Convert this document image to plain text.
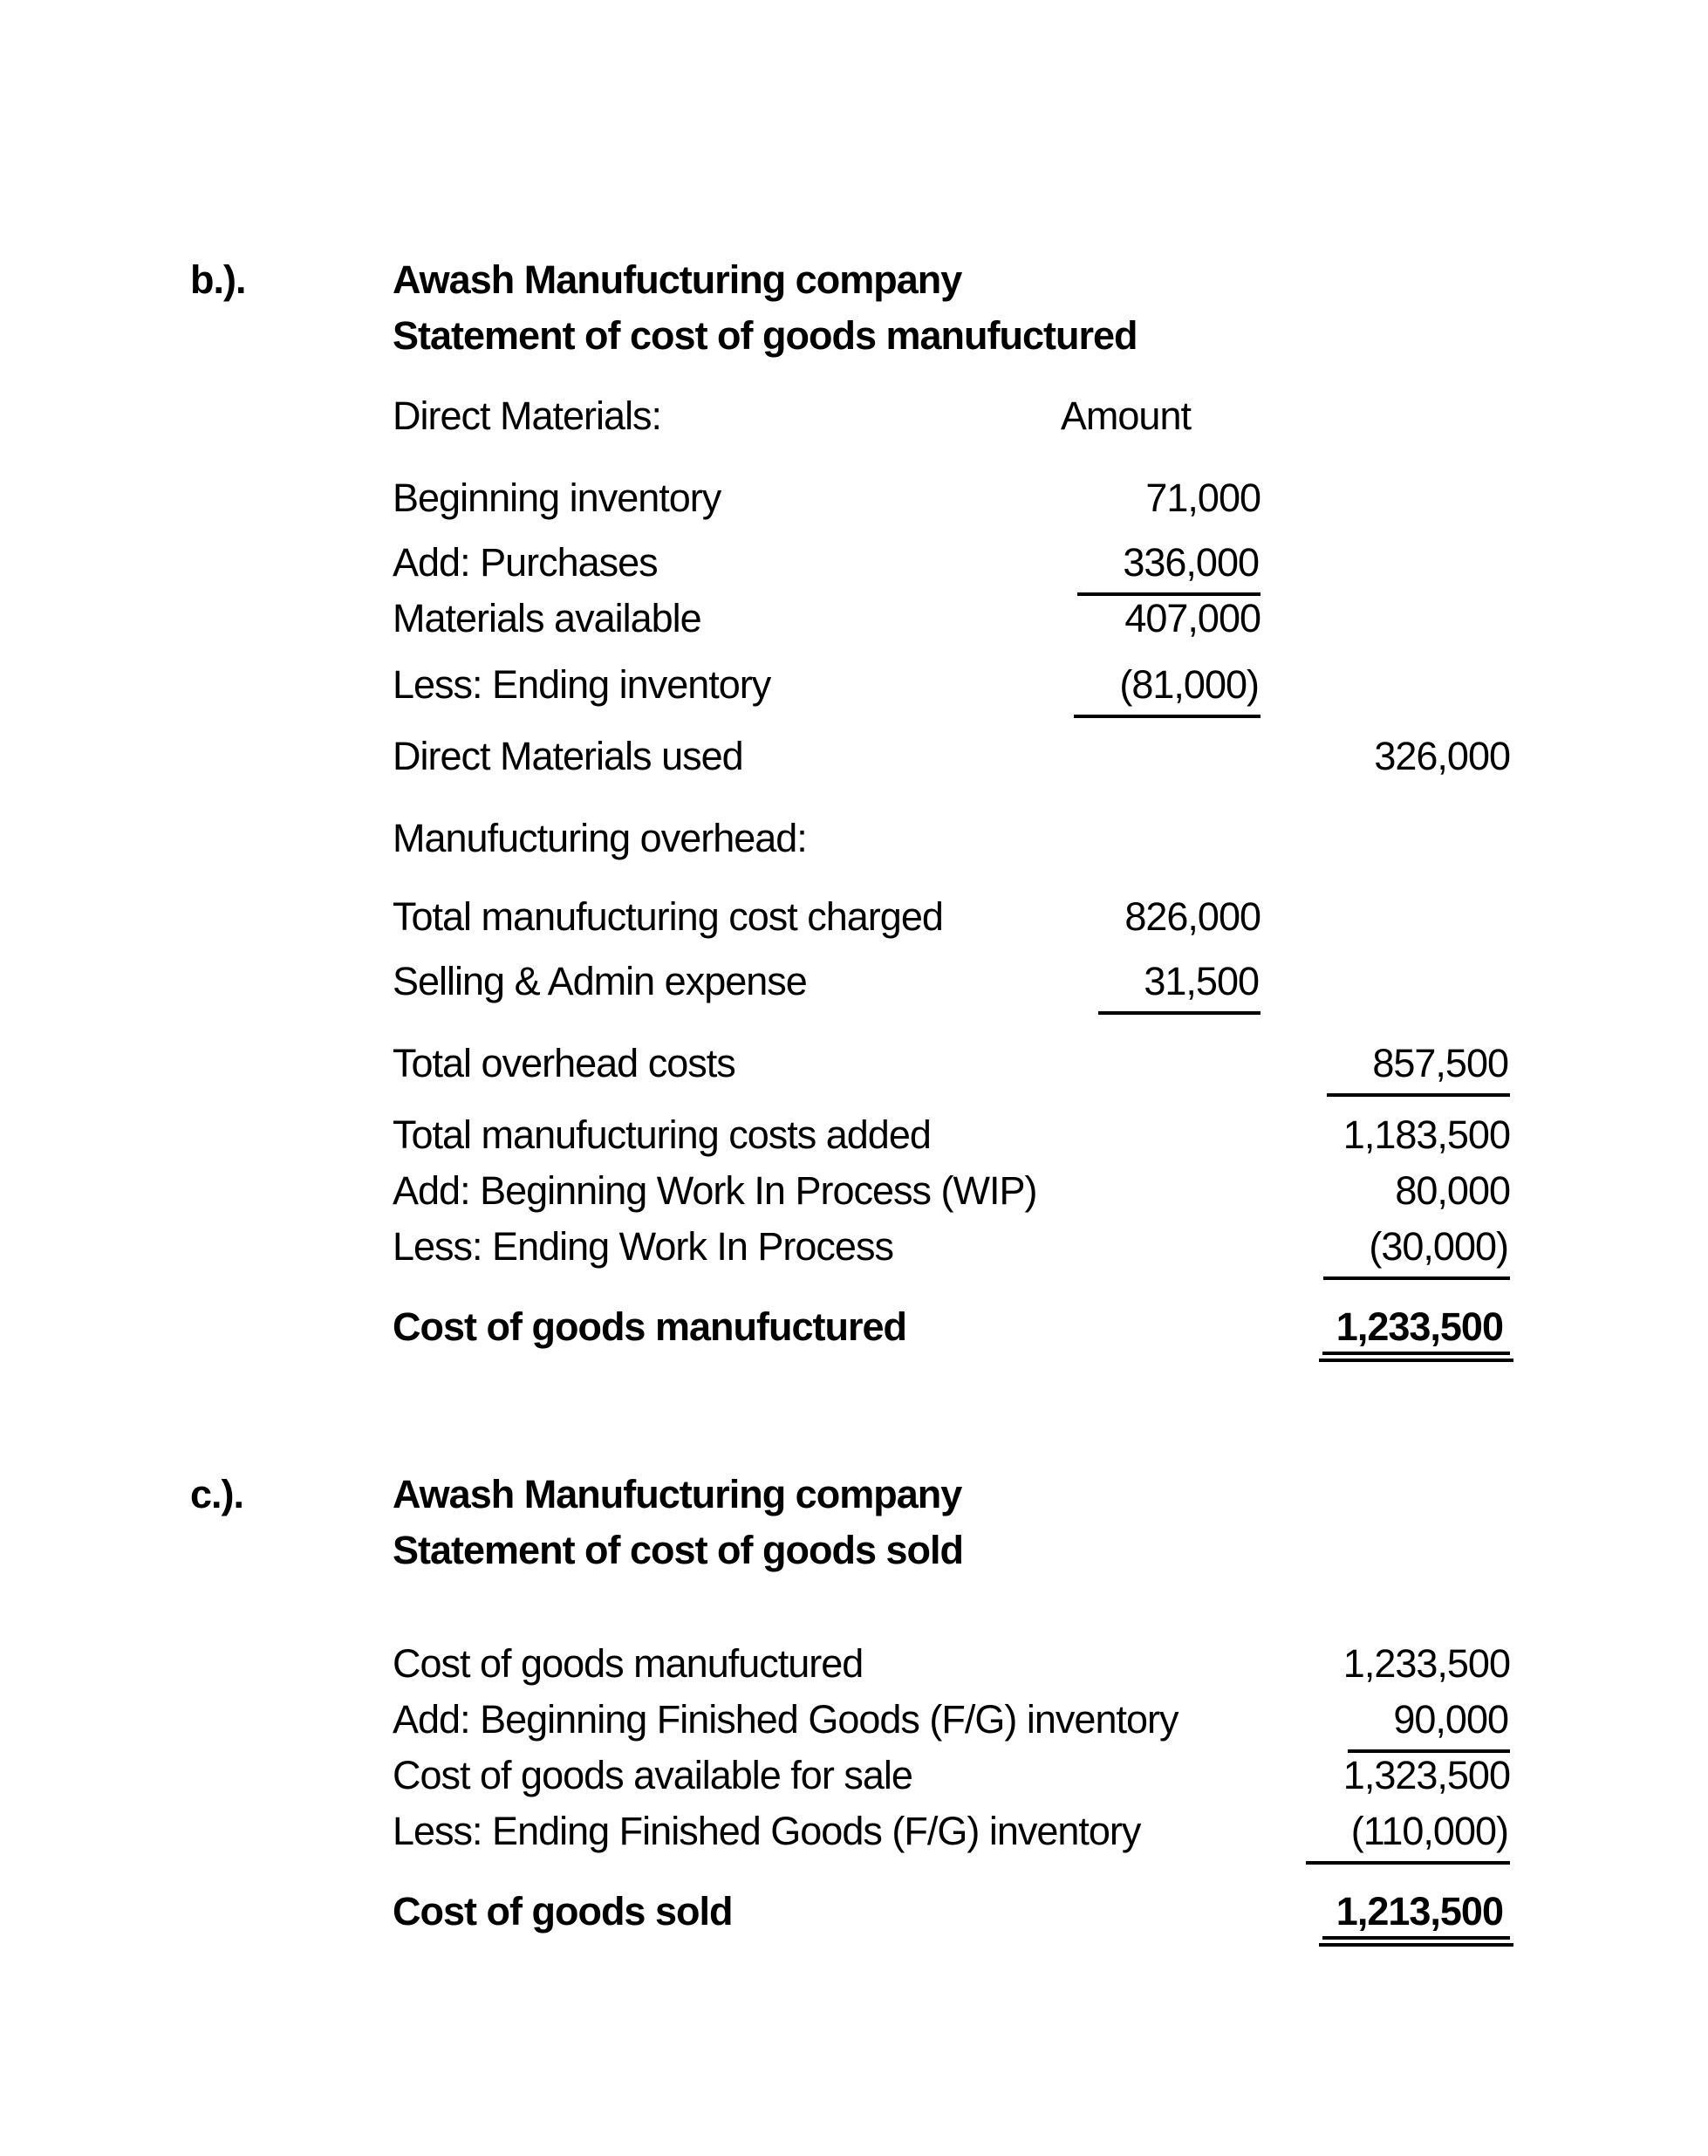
b.).	Awash Manufucturing company
Statement of cost of goods manufuctured
Direct Materials:	Amount
Beginning inventory	71,000
Add: Purchases	336,000
Materials available	407,000
Less: Ending inventory	(81,000)
Direct Materials used	326,000
Manufucturing overhead:
Total manufucturing cost charged	826,000
Selling & Admin expense	31,500
Total overhead costs	857,500
Total manufucturing costs added	1,183,500
Add: Beginning Work In Process (WIP)	80,000
Less: Ending Work In Process	(30,000)
Cost of goods manufuctured	1,233,500
c.).	Awash Manufucturing company
Statement of cost of goods sold
Cost of goods manufuctured	1,233,500
Add: Beginning Finished Goods (F/G) inventory	90,000
Cost of goods available for sale	1,323,500
Less: Ending Finished Goods (F/G) inventory	(110,000)
Cost of goods sold	1,213,500
